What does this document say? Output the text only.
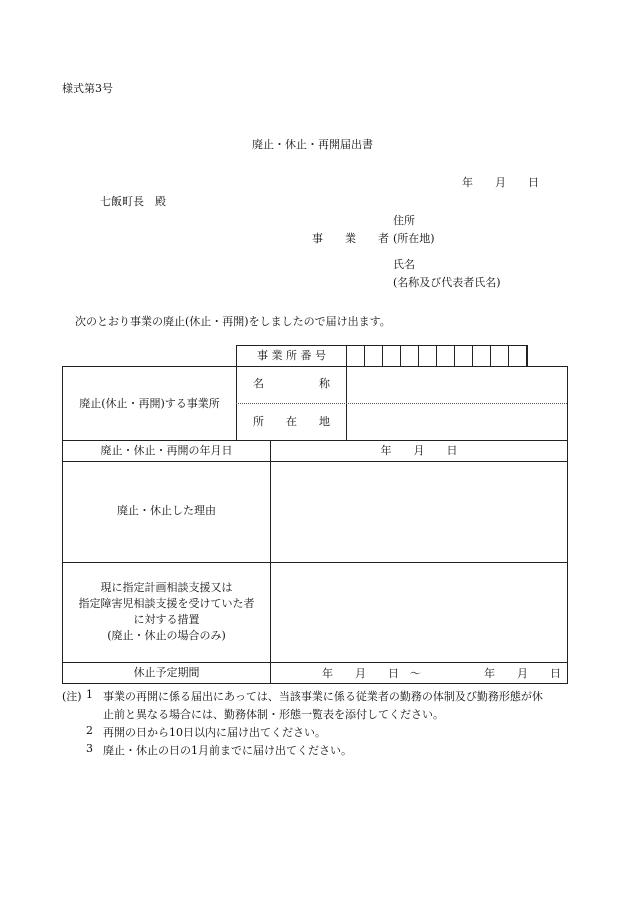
様式第3号
廃止・休止・再開届出書
年　　月　　日
七飯町長　殿
住所
事　　業　　者 (所在地)
氏名
(名称及び代表者氏名)
次のとおり事業の廃止(休止・再開)をしましたので届け出ます。
事 業 所 番 号
廃止(休止・再開)する事業所
名　　　　　称
所　　在　　地
廃止・休止・再開の年月日	年　　月　　日
廃止・休止した理由
現に指定計画相談支援又は
指定障害児相談支援を受けていた者
に対する措置
(廃止・休止の場合のみ)
休止予定期間	年　　月　　日　～	年　　月　　日
(注) 1 事業の再開に係る届出にあっては、当該事業に係る従業者の勤務の体制及び勤務形態が休
止前と異なる場合には、勤務体制・形態一覧表を添付してください。
2 再開の日から10日以内に届け出てください。
3 廃止・休止の日の1月前までに届け出てください。
